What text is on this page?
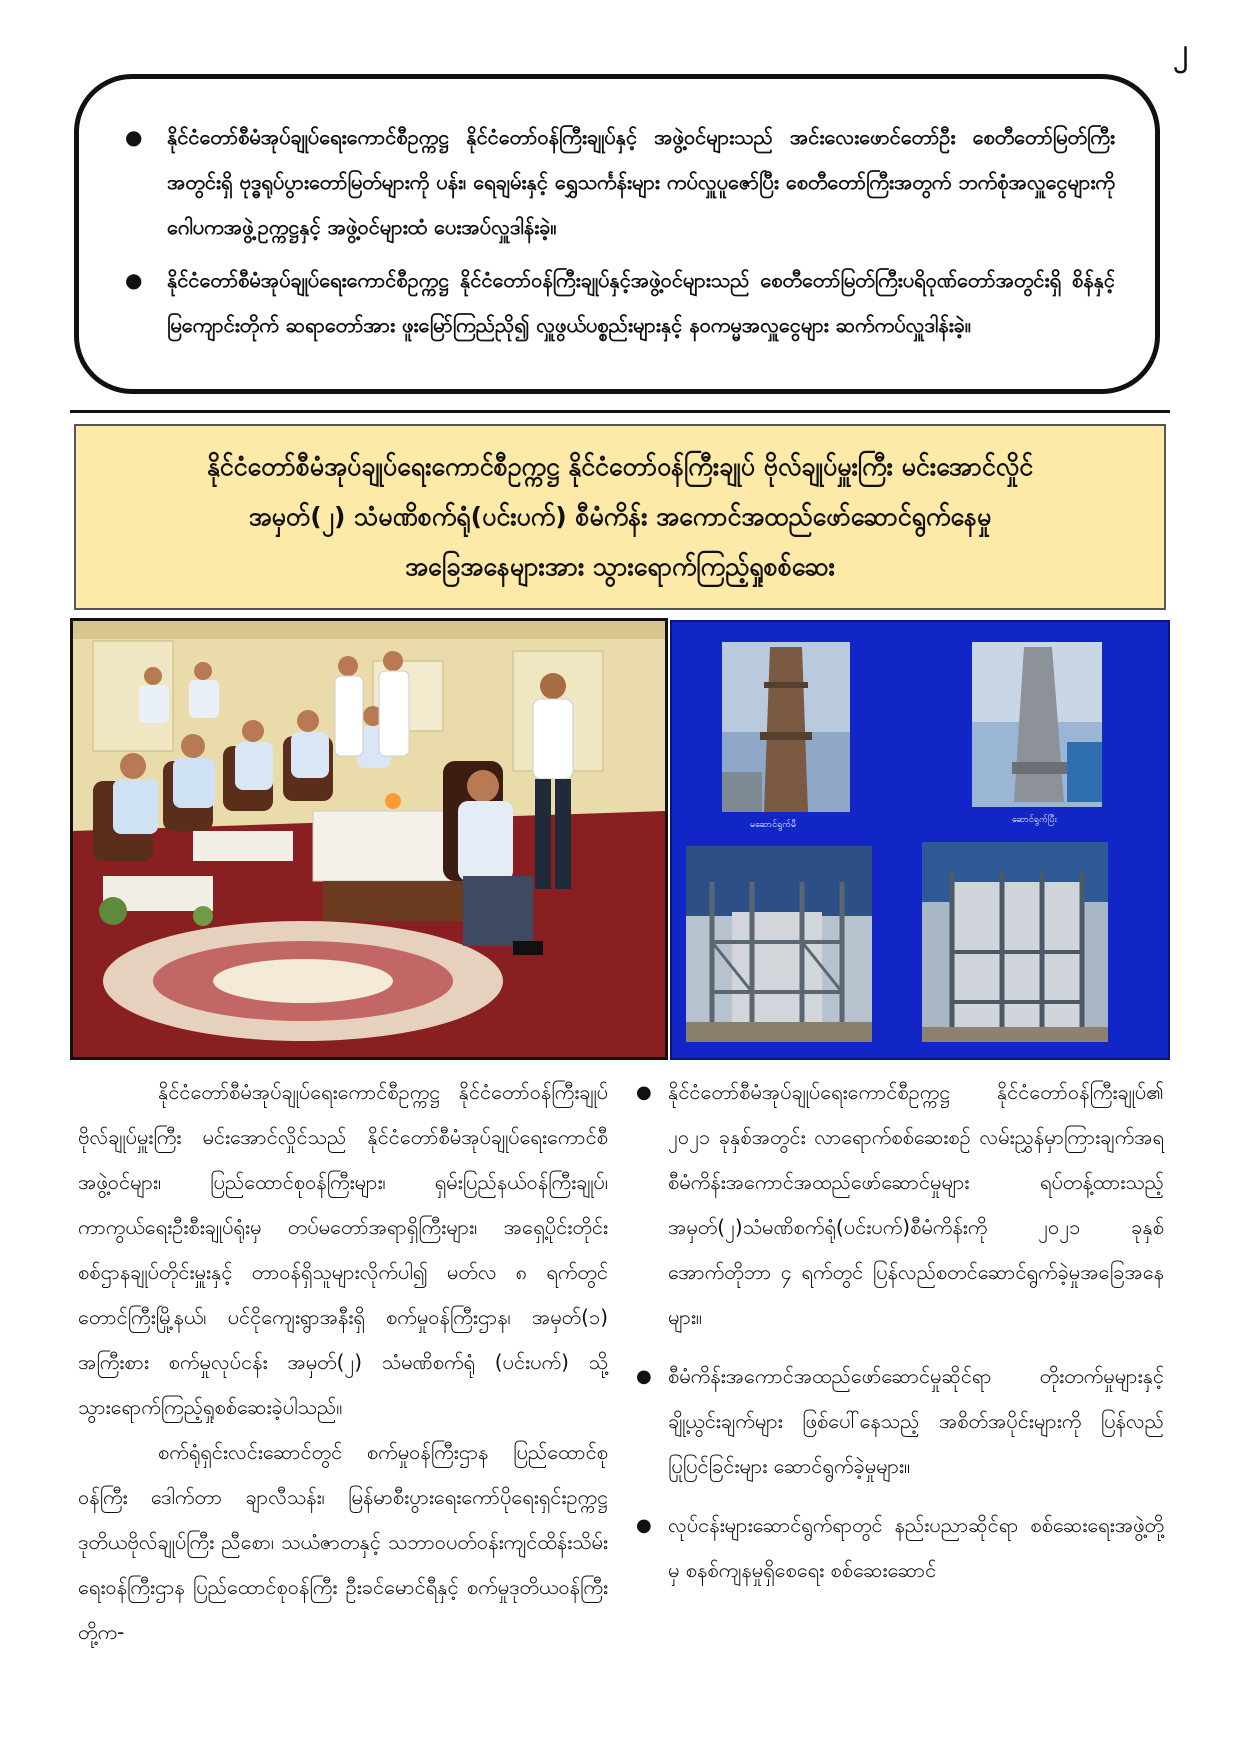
၂
● နိုင်ငံတော်စီမံအုပ်ချုပ်ရေးကောင်စီဥက္ကဋ္ဌ နိုင်ငံတော်ဝန်ကြီးချုပ်နှင့် အဖွဲ့ဝင်များသည် အင်းလေးဖောင်တော်ဦး စေတီတော်မြတ်ကြီးအတွင်းရှိ ဗုဒ္ဓရုပ်ပွားတော်မြတ်များကို ပန်း၊ ရေချမ်းနှင့် ရွှေသင်္ကန်းများ ကပ်လှူပူဇော်ပြီး စေတီတော်ကြီးအတွက် ဘက်စုံအလှူငွေများကို ဂေါပကအဖွဲ့ဥက္ကဋ္ဌနှင့် အဖွဲ့ဝင်များထံ ပေးအပ်လှူဒါန်းခဲ့။
● နိုင်ငံတော်စီမံအုပ်ချုပ်ရေးကောင်စီဥက္ကဋ္ဌ နိုင်ငံတော်ဝန်ကြီးချုပ်နှင့်အဖွဲ့ဝင်များသည် စေတီတော်မြတ်ကြီးပရိဝုဏ်တော်အတွင်းရှိ စိန်နှင့်မြကျောင်းတိုက် ဆရာတော်အား ဖူးမြော်ကြည်ညို၍ လှူဖွယ်ပစ္စည်းများနှင့် နဝကမ္မအလှူငွေများ ဆက်ကပ်လှူဒါန်းခဲ့။
နိုင်ငံတော်စီမံအုပ်ချုပ်ရေးကောင်စီဥက္ကဋ္ဌ နိုင်ငံတော်ဝန်ကြီးချုပ် ဗိုလ်ချုပ်မှူးကြီး မင်းအောင်လှိုင်
အမှတ်(၂) သံမဏိစက်ရုံ(ပင်းပက်) စီမံကိန်း အကောင်အထည်ဖော်ဆောင်ရွက်နေမှု
အခြေအနေများအား သွားရောက်ကြည့်ရှုစစ်ဆေး
မဆောင်ရွက်မီ	ဆောင်ရွက်ပြီး

နိုင်ငံတော်စီမံအုပ်ချုပ်ရေးကောင်စီဥက္ကဋ္ဌ နိုင်ငံတော်ဝန်ကြီးချုပ် ဗိုလ်ချုပ်မှူးကြီး မင်းအောင်လှိုင်သည် နိုင်ငံတော်စီမံအုပ်ချုပ်ရေးကောင်စီအဖွဲ့ဝင်များ၊ ပြည်ထောင်စုဝန်ကြီးများ၊ ရှမ်းပြည်နယ်ဝန်ကြီးချုပ်၊ ကာကွယ်ရေးဦးစီးချုပ်ရုံးမှ တပ်မတော်အရာရှိကြီးများ၊ အရှေ့ပိုင်းတိုင်းစစ်ဌာနချုပ်တိုင်းမှူးနှင့် တာဝန်ရှိသူများလိုက်ပါ၍ မတ်လ ၈ ရက်တွင် တောင်ကြီးမြို့နယ်၊ ပင်ငိုကျေးရွာအနီးရှိ စက်မှုဝန်ကြီးဌာန၊ အမှတ်(၁) အကြီးစား စက်မှုလုပ်ငန်း အမှတ်(၂) သံမဏိစက်ရုံ (ပင်းပက်) သို့ သွားရောက်ကြည့်ရှုစစ်ဆေးခဲ့ပါသည်။

စက်ရုံရှင်းလင်းဆောင်တွင် စက်မှုဝန်ကြီးဌာန ပြည်ထောင်စုဝန်ကြီး ဒေါက်တာ ချာလီသန်း၊ မြန်မာစီးပွားရေးကော်ပိုရေးရှင်းဥက္ကဋ္ဌ ဒုတိယဗိုလ်ချုပ်ကြီး ညီစော၊ သယံဇာတနှင့် သဘာဝပတ်ဝန်းကျင်ထိန်းသိမ်းရေးဝန်ကြီးဌာန ပြည်ထောင်စုဝန်ကြီး ဦးခင်မောင်ရီနှင့် စက်မှုဒုတိယဝန်ကြီးတို့က-

● နိုင်ငံတော်စီမံအုပ်ချုပ်ရေးကောင်စီဥက္ကဋ္ဌ နိုင်ငံတော်ဝန်ကြီးချုပ်၏ ၂၀၂၁ ခုနှစ်အတွင်း လာရောက်စစ်ဆေးစဉ် လမ်းညွှန်မှာကြားချက်အရ စီမံကိန်းအကောင်အထည်ဖော်ဆောင်မှုများ ရပ်တန့်ထားသည့် အမှတ်(၂)သံမဏိစက်ရုံ(ပင်းပက်)စီမံကိန်းကို ၂၀၂၁ ခုနှစ် အောက်တိုဘာ ၄ ရက်တွင် ပြန်လည်စတင်ဆောင်ရွက်ခဲ့မှုအခြေအနေများ။
● စီမံကိန်းအကောင်အထည်ဖော်ဆောင်မှုဆိုင်ရာ တိုးတက်မှုများနှင့် ချို့ယွင်းချက်များ ဖြစ်ပေါ်နေသည့် အစိတ်အပိုင်းများကို ပြန်လည်ပြုပြင်ခြင်းများ ဆောင်ရွက်ခဲ့မှုများ။
● လုပ်ငန်းများဆောင်ရွက်ရာတွင် နည်းပညာဆိုင်ရာ စစ်ဆေးရေးအဖွဲ့တို့မှ စနစ်ကျနမှုရှိစေရေး စစ်ဆေးဆောင်
